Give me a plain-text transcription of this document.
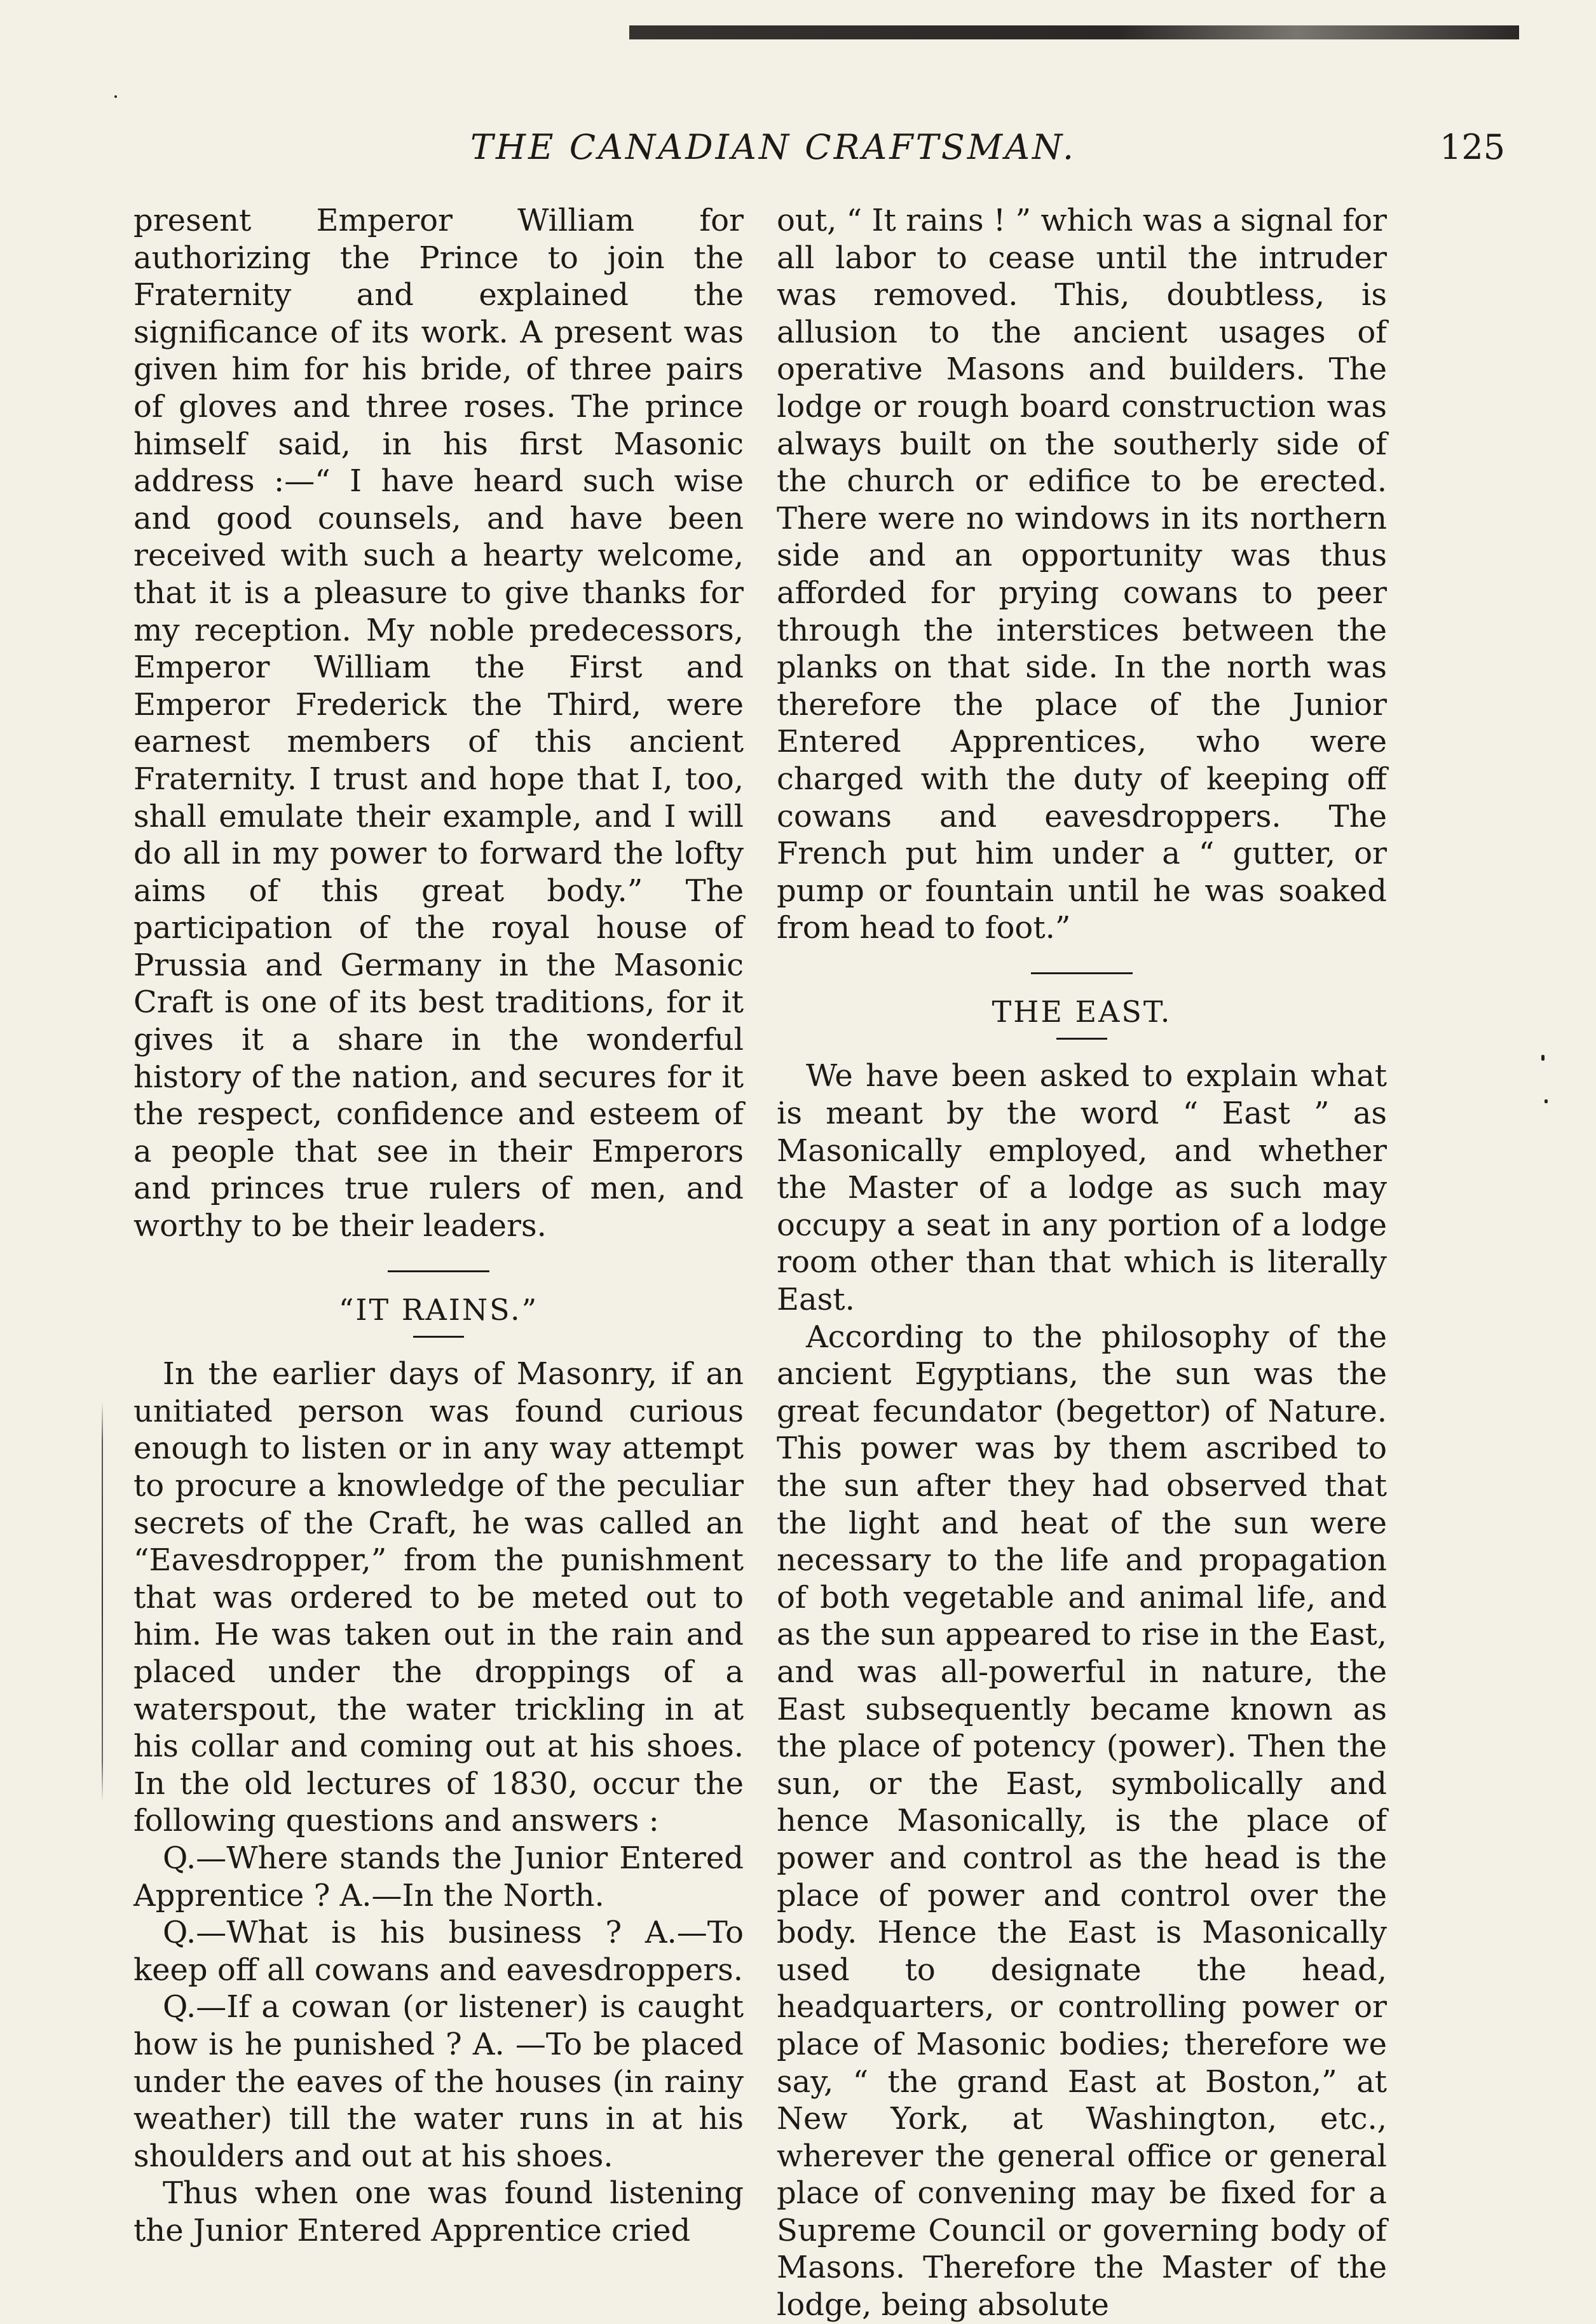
THE CANADIAN CRAFTSMAN.	125

present Emperor William for authorizing the Prince to join the Fraternity and explained the significance of its work. A present was given him for his bride, of three pairs of gloves and three roses. The prince himself said, in his first Masonic address :—“ I have heard such wise and good counsels, and have been received with such a hearty welcome, that it is a pleasure to give thanks for my reception. My noble predecessors, Emperor William the First and Emperor Frederick the Third, were earnest members of this ancient Fraternity. I trust and hope that I, too, shall emulate their example, and I will do all in my power to forward the lofty aims of this great body.” The participation of the royal house of Prussia and Germany in the Masonic Craft is one of its best traditions, for it gives it a share in the wonderful history of the nation, and secures for it the respect, confidence and esteem of a people that see in their Emperors and princes true rulers of men, and worthy to be their leaders.

“IT RAINS.”

In the earlier days of Masonry, if an unitiated person was found curious enough to listen or in any way attempt to procure a knowledge of the peculiar secrets of the Craft, he was called an “Eavesdropper,” from the punishment that was ordered to be meted out to him. He was taken out in the rain and placed under the droppings of a waterspout, the water trickling in at his collar and coming out at his shoes. In the old lectures of 1830, occur the following questions and answers :

Q.—Where stands the Junior Entered Apprentice ? A.—In the North.

Q.—What is his business ? A.—To keep off all cowans and eavesdroppers.

Q.—If a cowan (or listener) is caught how is he punished ? A. —To be placed under the eaves of the houses (in rainy weather) till the water runs in at his shoulders and out at his shoes.

Thus when one was found listening the Junior Entered Apprentice cried

out, “ It rains ! ” which was a signal for all labor to cease until the intruder was removed. This, doubtless, is allusion to the ancient usages of operative Masons and builders. The lodge or rough board construction was always built on the southerly side of the church or edifice to be erected. There were no windows in its northern side and an opportunity was thus afforded for prying cowans to peer through the interstices between the planks on that side. In the north was therefore the place of the Junior Entered Apprentices, who were charged with the duty of keeping off cowans and eavesdroppers. The French put him under a “ gutter, or pump or fountain until he was soaked from head to foot.”

THE EAST.

We have been asked to explain what is meant by the word “ East ” as Masonically employed, and whether the Master of a lodge as such may occupy a seat in any portion of a lodge room other than that which is literally East.

According to the philosophy of the ancient Egyptians, the sun was the great fecundator (begettor) of Nature. This power was by them ascribed to the sun after they had observed that the light and heat of the sun were necessary to the life and propagation of both vegetable and animal life, and as the sun appeared to rise in the East, and was all-powerful in nature, the East subsequently became known as the place of potency (power). Then the sun, or the East, symbolically and hence Masonically, is the place of power and control as the head is the place of power and control over the body. Hence the East is Masonically used to designate the head, headquarters, or controlling power or place of Masonic bodies; therefore we say, “ the grand East at Boston,” at New York, at Washington, etc., wherever the general office or general place of convening may be fixed for a Supreme Council or governing body of Masons. Therefore the Master of the lodge, being absolute
